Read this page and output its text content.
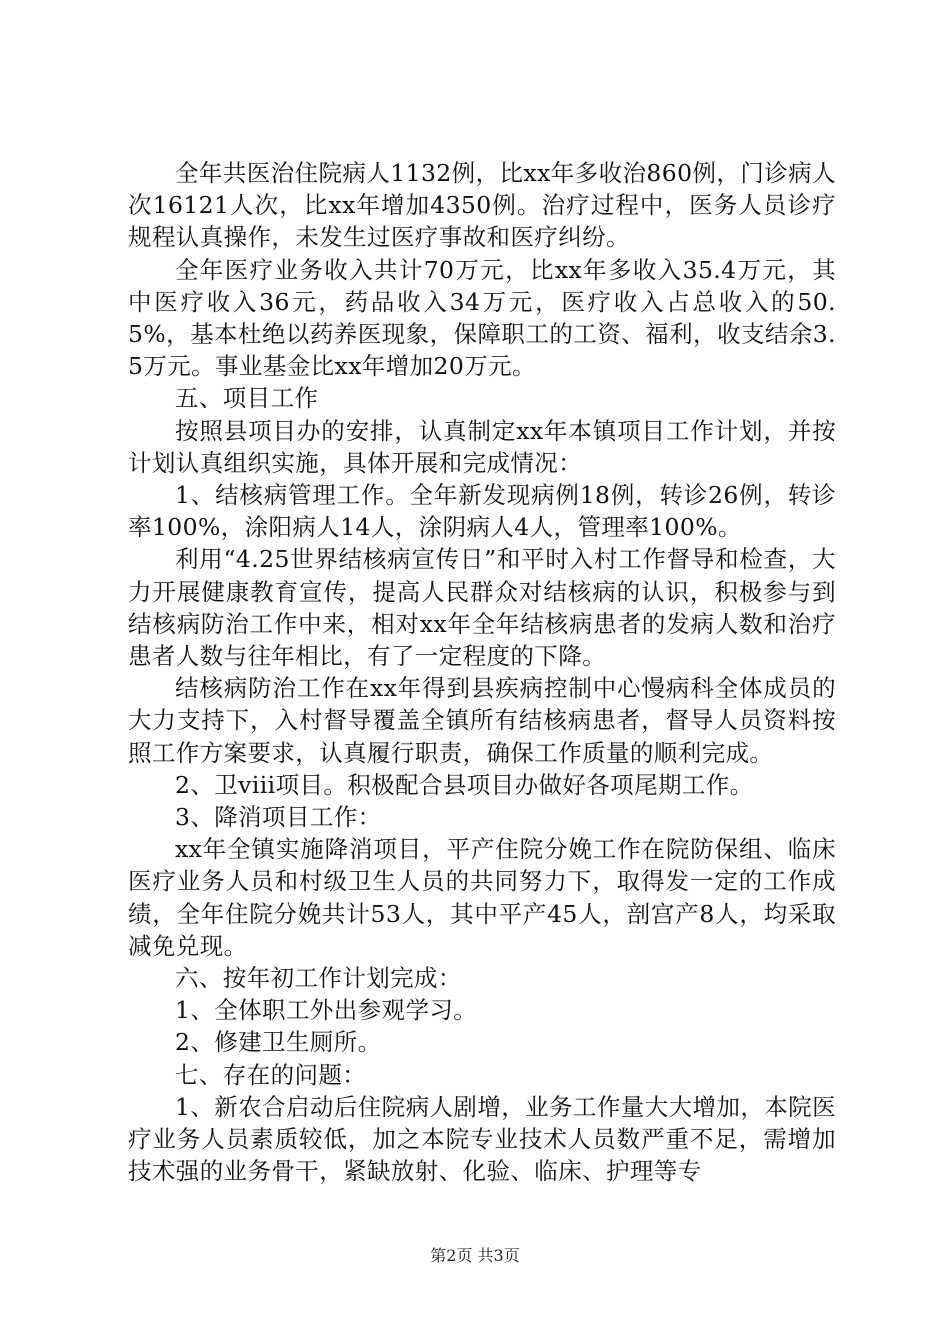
全年共医治住院病人1132例，比xx年多收治860例，门诊病人次16121人次，比xx年增加4350例。治疗过程中，医务人员诊疗规程认真操作，未发生过医疗事故和医疗纠纷。

全年医疗业务收入共计70万元，比xx年多收入35.4万元，其中医疗收入36元，药品收入34万元，医疗收入占总收入的50.5%，基本杜绝以药养医现象，保障职工的工资、福利，收支结余3.5万元。事业基金比xx年增加20万元。

五、项目工作

按照县项目办的安排，认真制定xx年本镇项目工作计划，并按计划认真组织实施，具体开展和完成情况：

1、结核病管理工作。全年新发现病例18例，转诊26例，转诊率100%，涂阳病人14人，涂阴病人4人，管理率100%。

利用“4.25世界结核病宣传日”和平时入村工作督导和检查，大力开展健康教育宣传，提高人民群众对结核病的认识，积极参与到结核病防治工作中来，相对xx年全年结核病患者的发病人数和治疗患者人数与往年相比，有了一定程度的下降。

结核病防治工作在xx年得到县疾病控制中心慢病科全体成员的大力支持下，入村督导覆盖全镇所有结核病患者，督导人员资料按照工作方案要求，认真履行职责，确保工作质量的顺利完成。

2、卫viii项目。积极配合县项目办做好各项尾期工作。

3、降消项目工作：

xx年全镇实施降消项目，平产住院分娩工作在院防保组、临床医疗业务人员和村级卫生人员的共同努力下，取得发一定的工作成绩，全年住院分娩共计53人，其中平产45人，剖宫产8人，均采取减免兑现。

六、按年初工作计划完成：

1、全体职工外出参观学习。

2、修建卫生厕所。

七、存在的问题：

1、新农合启动后住院病人剧增，业务工作量大大增加，本院医疗业务人员素质较低，加之本院专业技术人员数严重不足，需增加技术强的业务骨干，紧缺放射、化验、临床、护理等专

第2页 共3页
